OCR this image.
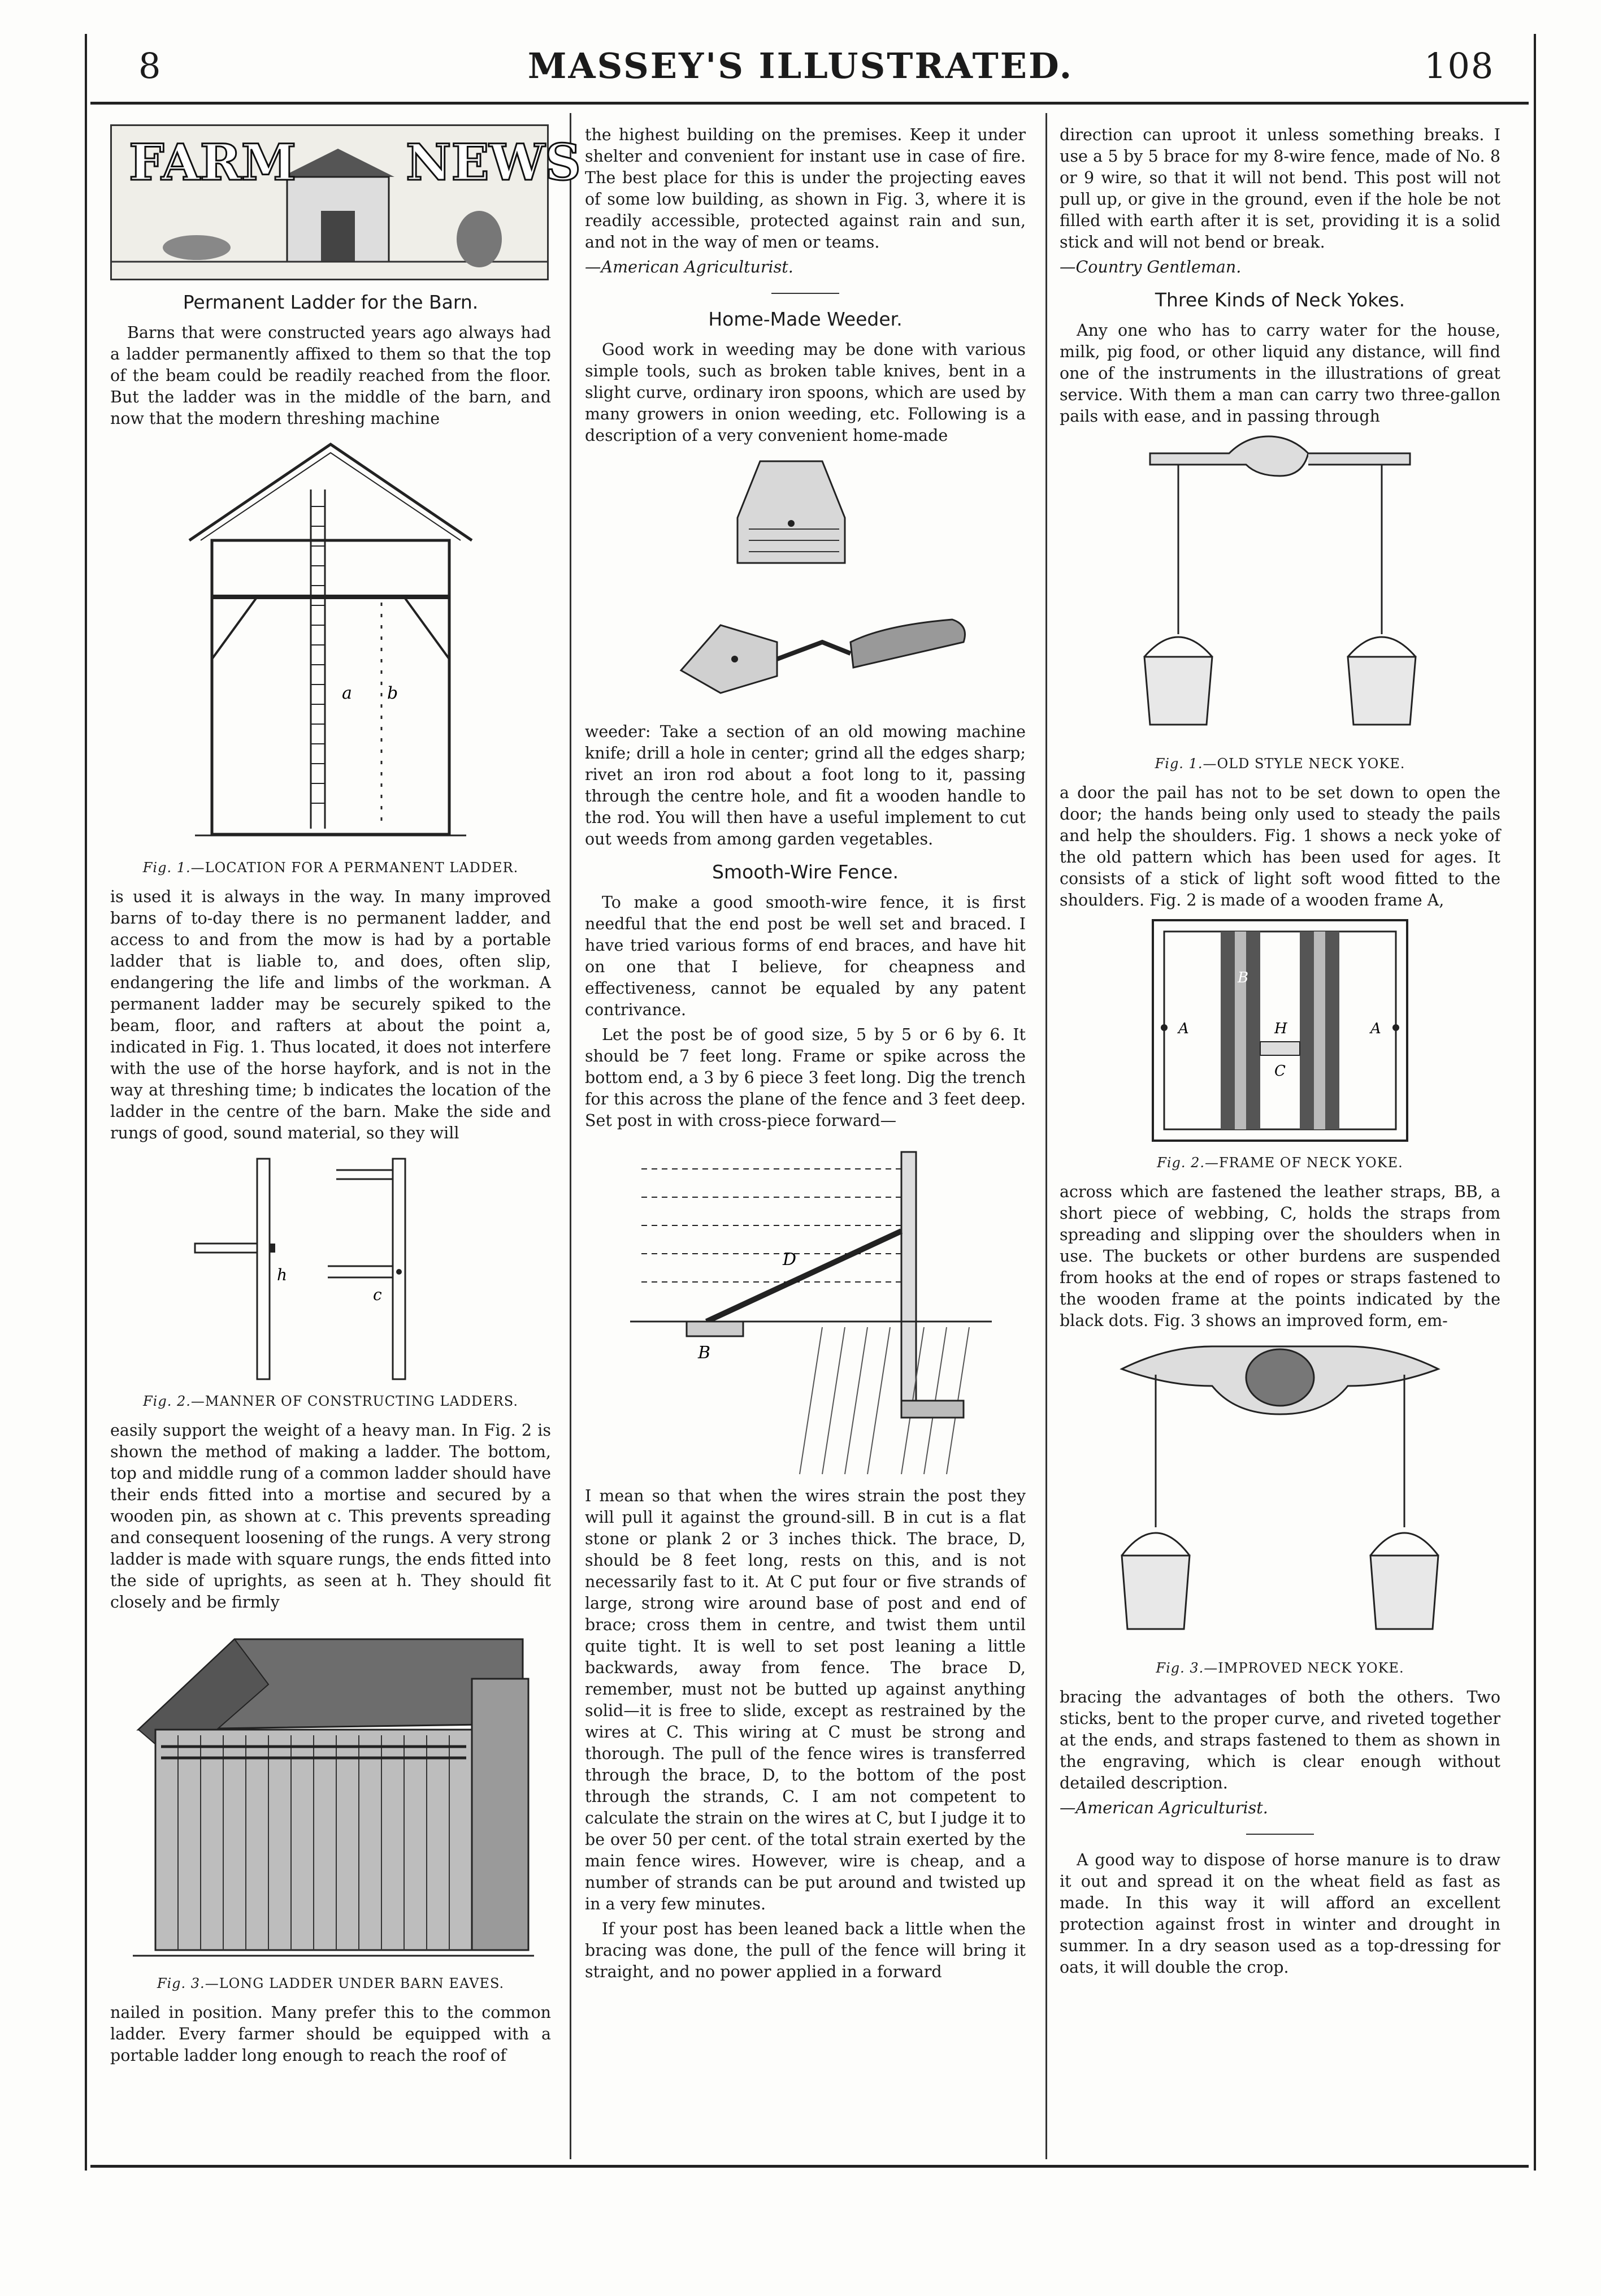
8	MASSEY'S ILLUSTRATED.	108
FARM NEWS
Permanent Ladder for the Barn.

Barns that were constructed years ago always had a ladder permanently affixed to them so that the top of the beam could be readily reached from the floor. But the ladder was in the middle of the barn, and now that the modern threshing machine

a b
Fig. 1.—LOCATION FOR A PERMANENT LADDER.

is used it is always in the way. In many improved barns of to-day there is no permanent ladder, and access to and from the mow is had by a portable ladder that is liable to, and does, often slip, endangering the life and limbs of the workman. A permanent ladder may be securely spiked to the beam, floor, and rafters at about the point a, indicated in Fig. 1. Thus located, it does not interfere with the use of the horse hayfork, and is not in the way at threshing time; b indicates the location of the ladder in the centre of the barn. Make the side and rungs of good, sound material, so they will

h
c
Fig. 2.—MANNER OF CONSTRUCTING LADDERS.

easily support the weight of a heavy man. In Fig. 2 is shown the method of making a ladder. The bottom, top and middle rung of a common ladder should have their ends fitted into a mortise and secured by a wooden pin, as shown at c. This prevents spreading and consequent loosening of the rungs. A very strong ladder is made with square rungs, the ends fitted into the side of uprights, as seen at h. They should fit closely and be firmly

Fig. 3.—LONG LADDER UNDER BARN EAVES.

nailed in position. Many prefer this to the common ladder. Every farmer should be equipped with a portable ladder long enough to reach the roof of

the highest building on the premises. Keep it under shelter and convenient for instant use in case of fire. The best place for this is under the projecting eaves of some low building, as shown in Fig. 3, where it is readily accessible, protected against rain and sun, and not in the way of men or teams.

—American Agriculturist.

Home-Made Weeder.

Good work in weeding may be done with various simple tools, such as broken table knives, bent in a slight curve, ordinary iron spoons, which are used by many growers in onion weeding, etc. Following is a description of a very convenient home-made

weeder: Take a section of an old mowing machine knife; drill a hole in center; grind all the edges sharp; rivet an iron rod about a foot long to it, passing through the centre hole, and fit a wooden handle to the rod. You will then have a useful implement to cut out weeds from among garden vegetables.

Smooth-Wire Fence.

To make a good smooth-wire fence, it is first needful that the end post be well set and braced. I have tried various forms of end braces, and have hit on one that I believe, for cheapness and effectiveness, cannot be equaled by any patent contrivance.

Let the post be of good size, 5 by 5 or 6 by 6. It should be 7 feet long. Frame or spike across the bottom end, a 3 by 6 piece 3 feet long. Dig the trench for this across the plane of the fence and 3 feet deep. Set post in with cross-piece forward—

B
D

I mean so that when the wires strain the post they will pull it against the ground-sill. B in cut is a flat stone or plank 2 or 3 inches thick. The brace, D, should be 8 feet long, rests on this, and is not necessarily fast to it. At C put four or five strands of large, strong wire around base of post and end of brace; cross them in centre, and twist them until quite tight. It is well to set post leaning a little backwards, away from fence. The brace D, remember, must not be butted up against anything solid—it is free to slide, except as restrained by the wires at C. This wiring at C must be strong and thorough. The pull of the fence wires is transferred through the brace, D, to the bottom of the post through the strands, C. I am not competent to calculate the strain on the wires at C, but I judge it to be over 50 per cent. of the total strain exerted by the main fence wires. However, wire is cheap, and a number of strands can be put around and twisted up in a very few minutes.

If your post has been leaned back a little when the bracing was done, the pull of the fence will bring it straight, and no power applied in a forward

direction can uproot it unless something breaks. I use a 5 by 5 brace for my 8-wire fence, made of No. 8 or 9 wire, so that it will not bend. This post will not pull up, or give in the ground, even if the hole be not filled with earth after it is set, providing it is a solid stick and will not bend or break.

—Country Gentleman.

Three Kinds of Neck Yokes.

Any one who has to carry water for the house, milk, pig food, or other liquid any distance, will find one of the instruments in the illustrations of great service. With them a man can carry two three-gallon pails with ease, and in passing through

Fig. 1.—OLD STYLE NECK YOKE.

a door the pail has not to be set down to open the door; the hands being only used to steady the pails and help the shoulders. Fig. 1 shows a neck yoke of the old pattern which has been used for ages. It consists of a stick of light soft wood fitted to the shoulders. Fig. 2 is made of a wooden frame A,

A	A
B
H
C
Fig. 2.—FRAME OF NECK YOKE.

across which are fastened the leather straps, BB, a short piece of webbing, C, holds the straps from spreading and slipping over the shoulders when in use. The buckets or other burdens are suspended from hooks at the end of ropes or straps fastened to the wooden frame at the points indicated by the black dots. Fig. 3 shows an improved form, em-

Fig. 3.—IMPROVED NECK YOKE.

bracing the advantages of both the others. Two sticks, bent to the proper curve, and riveted together at the ends, and straps fastened to them as shown in the engraving, which is clear enough without detailed description.

—American Agriculturist.

A good way to dispose of horse manure is to draw it out and spread it on the wheat field as fast as made. In this way it will afford an excellent protection against frost in winter and drought in summer. In a dry season used as a top-dressing for oats, it will double the crop.
